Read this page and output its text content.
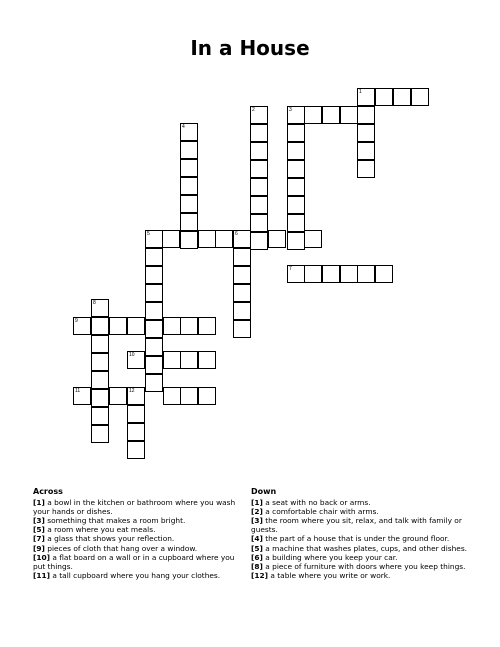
In a House
1
2	3
4
5	6
7
8
9
10
11	12
Across
[1] a bowl in the kitchen or bathroom where you wash your hands or dishes.
[3] something that makes a room bright.
[5] a room where you eat meals.
[7] a glass that shows your reflection.
[9] pieces of cloth that hang over a window.
[10] a flat board on a wall or in a cupboard where you put things.
[11] a tall cupboard where you hang your clothes.
Down
[1] a seat with no back or arms.
[2] a comfortable chair with arms.
[3] the room where you sit, relax, and talk with family or guests.
[4] the part of a house that is under the ground floor.
[5] a machine that washes plates, cups, and other dishes.
[6] a building where you keep your car.
[8] a piece of furniture with doors where you keep things.
[12] a table where you write or work.
